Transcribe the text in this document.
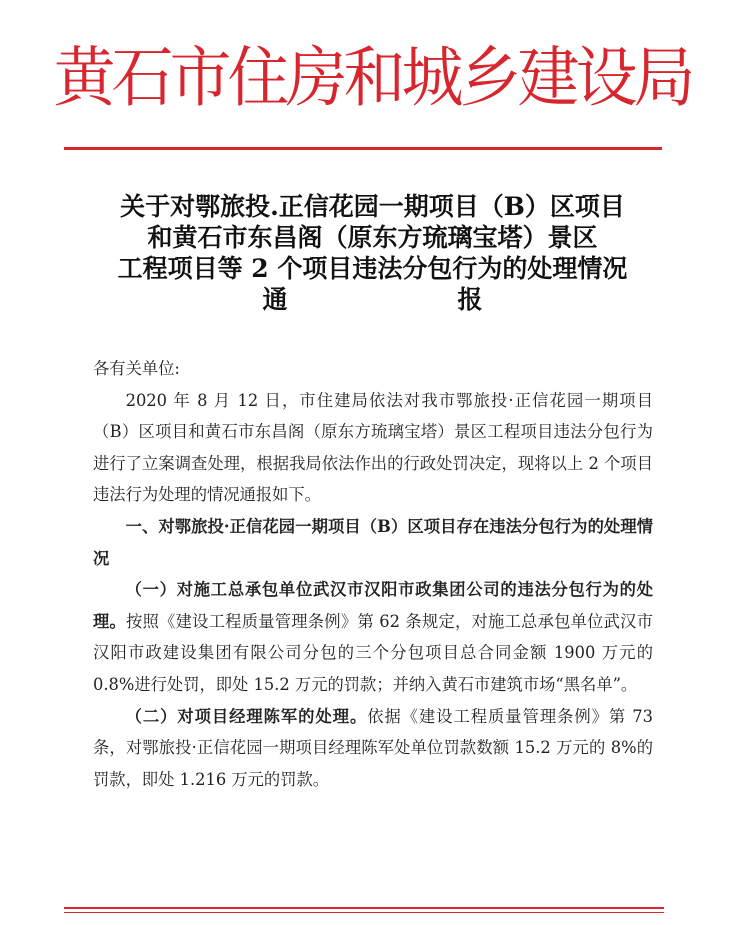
黄石市住房和城乡建设局
关于对鄂旅投.正信花园一期项目（B）区项目
和黄石市东昌阁（原东方琉璃宝塔）景区
工程项目等 2 个项目违法分包行为的处理情况
通	报

各有关单位:

2020 年 8 月 12 日，市住建局依法对我市鄂旅投·正信花园一期项目（B）区项目和黄石市东昌阁（原东方琉璃宝塔）景区工程项目违法分包行为进行了立案调查处理，根据我局依法作出的行政处罚决定，现将以上 2 个项目违法行为处理的情况通报如下。

一、对鄂旅投·正信花园一期项目（B）区项目存在违法分包行为的处理情况

（一）对施工总承包单位武汉市汉阳市政集团公司的违法分包行为的处理。按照《建设工程质量管理条例》第 62 条规定，对施工总承包单位武汉市汉阳市政建设集团有限公司分包的三个分包项目总合同金额 1900 万元的 0.8%进行处罚，即处 15.2 万元的罚款；并纳入黄石市建筑市场“黑名单”。

（二）对项目经理陈军的处理。依据《建设工程质量管理条例》第 73 条，对鄂旅投·正信花园一期项目经理陈军处单位罚款数额 15.2 万元的 8%的罚款，即处 1.216 万元的罚款。
